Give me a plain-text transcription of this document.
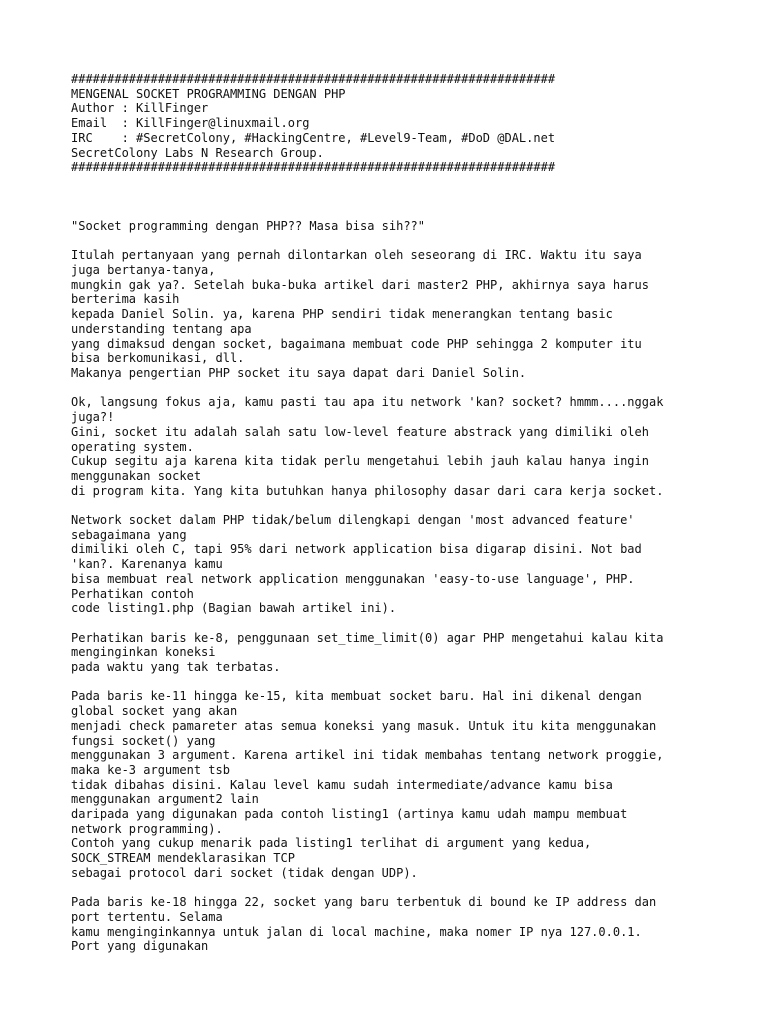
###################################################################
MENGENAL SOCKET PROGRAMMING DENGAN PHP
Author : KillFinger
Email  : KillFinger@linuxmail.org
IRC    : #SecretColony, #HackingCentre, #Level9-Team, #DoD @DAL.net
SecretColony Labs N Research Group.
###################################################################
"Socket programming dengan PHP?? Masa bisa sih??"
Itulah pertanyaan yang pernah dilontarkan oleh seseorang di IRC. Waktu itu saya
juga bertanya-tanya,
mungkin gak ya?. Setelah buka-buka artikel dari master2 PHP, akhirnya saya harus
berterima kasih
kepada Daniel Solin. ya, karena PHP sendiri tidak menerangkan tentang basic
understanding tentang apa
yang dimaksud dengan socket, bagaimana membuat code PHP sehingga 2 komputer itu
bisa berkomunikasi, dll.
Makanya pengertian PHP socket itu saya dapat dari Daniel Solin.
Ok, langsung fokus aja, kamu pasti tau apa itu network 'kan? socket? hmmm....nggak
juga?!
Gini, socket itu adalah salah satu low-level feature abstrack yang dimiliki oleh
operating system.
Cukup segitu aja karena kita tidak perlu mengetahui lebih jauh kalau hanya ingin
menggunakan socket
di program kita. Yang kita butuhkan hanya philosophy dasar dari cara kerja socket.
Network socket dalam PHP tidak/belum dilengkapi dengan 'most advanced feature'
sebagaimana yang
dimiliki oleh C, tapi 95% dari network application bisa digarap disini. Not bad
'kan?. Karenanya kamu
bisa membuat real network application menggunakan 'easy-to-use language', PHP.
Perhatikan contoh
code listing1.php (Bagian bawah artikel ini).
Perhatikan baris ke-8, penggunaan set_time_limit(0) agar PHP mengetahui kalau kita
menginginkan koneksi
pada waktu yang tak terbatas.
Pada baris ke-11 hingga ke-15, kita membuat socket baru. Hal ini dikenal dengan
global socket yang akan
menjadi check pamareter atas semua koneksi yang masuk. Untuk itu kita menggunakan
fungsi socket() yang
menggunakan 3 argument. Karena artikel ini tidak membahas tentang network proggie,
maka ke-3 argument tsb
tidak dibahas disini. Kalau level kamu sudah intermediate/advance kamu bisa
menggunakan argument2 lain
daripada yang digunakan pada contoh listing1 (artinya kamu udah mampu membuat
network programming).
Contoh yang cukup menarik pada listing1 terlihat di argument yang kedua,
SOCK_STREAM mendeklarasikan TCP
sebagai protocol dari socket (tidak dengan UDP).
Pada baris ke-18 hingga 22, socket yang baru terbentuk di bound ke IP address dan
port tertentu. Selama
kamu menginginkannya untuk jalan di local machine, maka nomer IP nya 127.0.0.1.
Port yang digunakan
